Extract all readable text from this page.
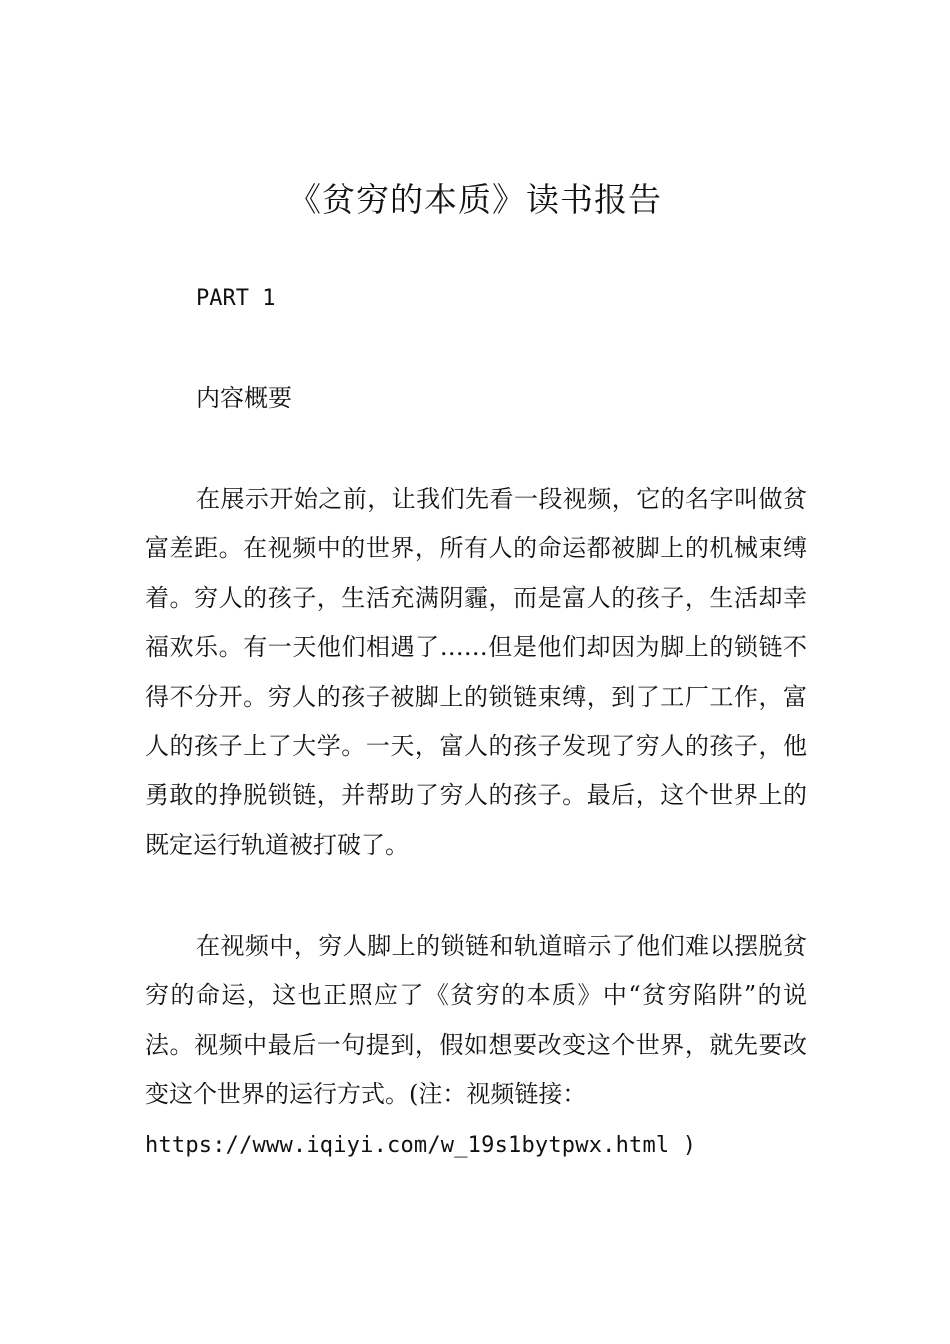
《贫穷的本质》读书报告

PART 1

内容概要

在展示开始之前，让我们先看一段视频，它的名字叫做贫富差距。在视频中的世界，所有人的命运都被脚上的机械束缚着。穷人的孩子，生活充满阴霾，而是富人的孩子，生活却幸福欢乐。有一天他们相遇了……但是他们却因为脚上的锁链不得不分开。穷人的孩子被脚上的锁链束缚，到了工厂工作，富人的孩子上了大学。一天，富人的孩子发现了穷人的孩子，他勇敢的挣脱锁链，并帮助了穷人的孩子。最后，这个世界上的既定运行轨道被打破了。

在视频中，穷人脚上的锁链和轨道暗示了他们难以摆脱贫穷的命运，这也正照应了《贫穷的本质》中“贫穷陷阱”的说法。视频中最后一句提到，假如想要改变这个世界，就先要改变这个世界的运行方式。(注：视频链接：
https://www.iqiyi.com/w_19s1bytpwx.html )
